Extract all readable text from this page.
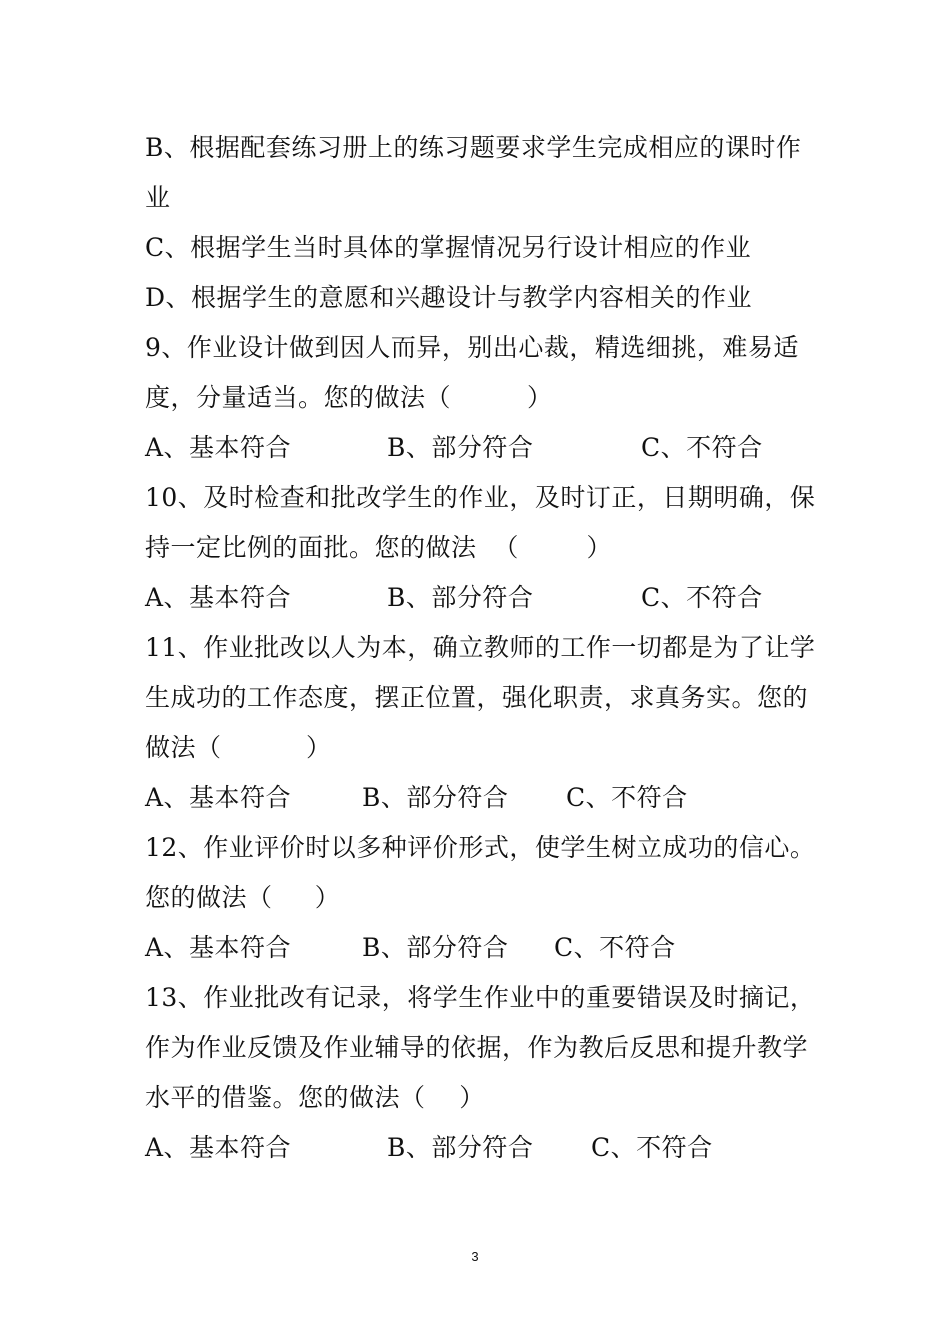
B、根据配套练习册上的练习题要求学生完成相应的课时作
业
C、根据学生当时具体的掌握情况另行设计相应的作业
D、根据学生的意愿和兴趣设计与教学内容相关的作业
9、作业设计做到因人而异，别出心裁，精选细挑，难易适
度，分量适当。您的做法（         ）
A、基本符合	B、部分符合	C、不符合
10、及时检查和批改学生的作业，及时订正，日期明确，保
持一定比例的面批。您的做法  （        ）
A、基本符合	B、部分符合	C、不符合
11、作业批改以人为本，确立教师的工作一切都是为了让学
生成功的工作态度，摆正位置，强化职责，求真务实。您的
做法（          ）
A、基本符合	B、部分符合 C、不符合
12、作业评价时以多种评价形式，使学生树立成功的信心。
您的做法（     ）
A、基本符合	B、部分符合 C、不符合
13、作业批改有记录，将学生作业中的重要错误及时摘记，
作为作业反馈及作业辅导的依据，作为教后反思和提升教学
水平的借鉴。您的做法（    ）
A、基本符合	B、部分符合 C、不符合
3
